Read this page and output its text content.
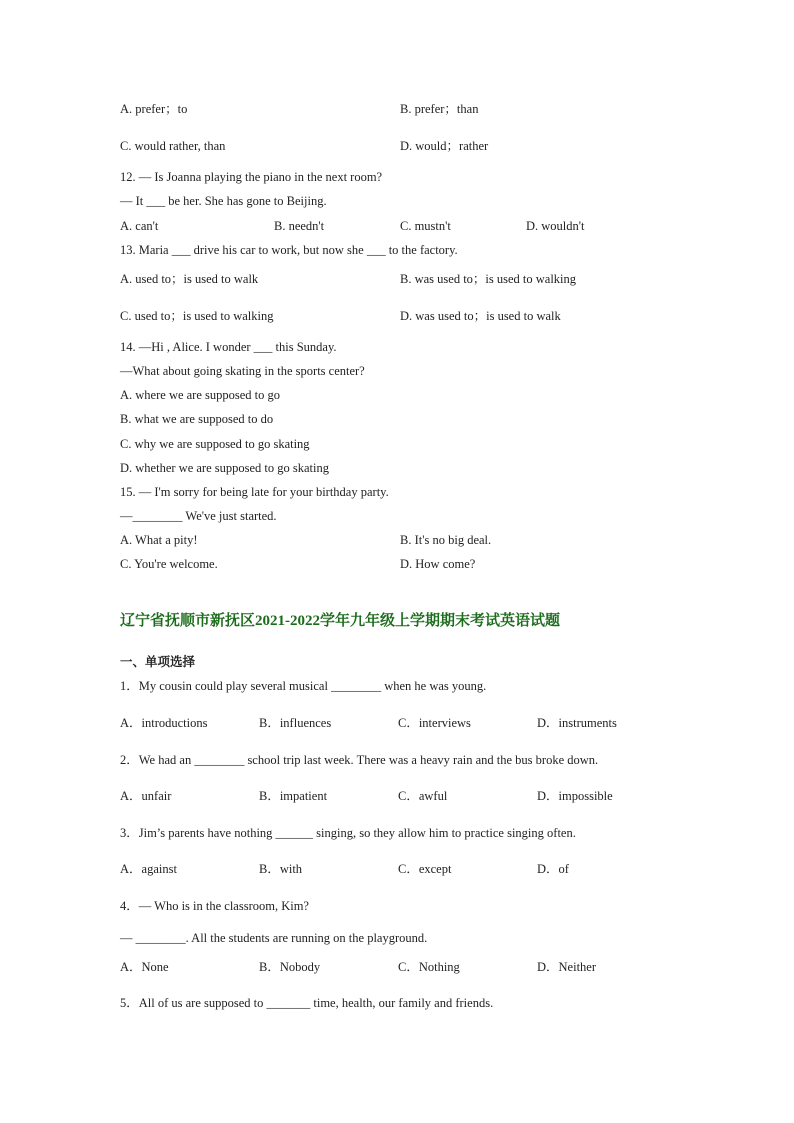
A. prefer；to	B. prefer；than
C. would rather, than	D. would；rather
12. — Is Joanna playing the piano in the next room?
— It ___ be her. She has gone to Beijing.
A. can't	B. needn't	C. mustn't	D. wouldn't
13. Maria ___ drive his car to work, but now she ___ to the factory.
A. used to；is used to walk	B. was used to；is used to walking
C. used to；is used to walking	D. was used to；is used to walk
14. —Hi , Alice. I wonder ___ this Sunday.
—What about going skating in the sports center?
A. where we are supposed to go
B. what we are supposed to do
C. why we are supposed to go skating
D. whether we are supposed to go skating
15. — I'm sorry for being late for your birthday party.
—________ We've just started.
A. What a pity!	B. It's no big deal.
C. You're welcome.	D. How come?
辽宁省抚顺市新抚区2021-2022学年九年级上学期期末考试英语试题
一、单项选择
1．My cousin could play several musical ________ when he was young.
A．introductions	B．influences	C．interviews	D．instruments
2．We had an ________ school trip last week. There was a heavy rain and the bus broke down.
A．unfair	B．impatient	C．awful	D．impossible
3．Jim’s parents have nothing ______ singing, so they allow him to practice singing often.
A．against	B．with	C．except	D．of
4．— Who is in the classroom, Kim?
— ________. All the students are running on the playground.
A．None	B．Nobody	C．Nothing	D．Neither
5．All of us are supposed to _______ time, health, our family and friends.
